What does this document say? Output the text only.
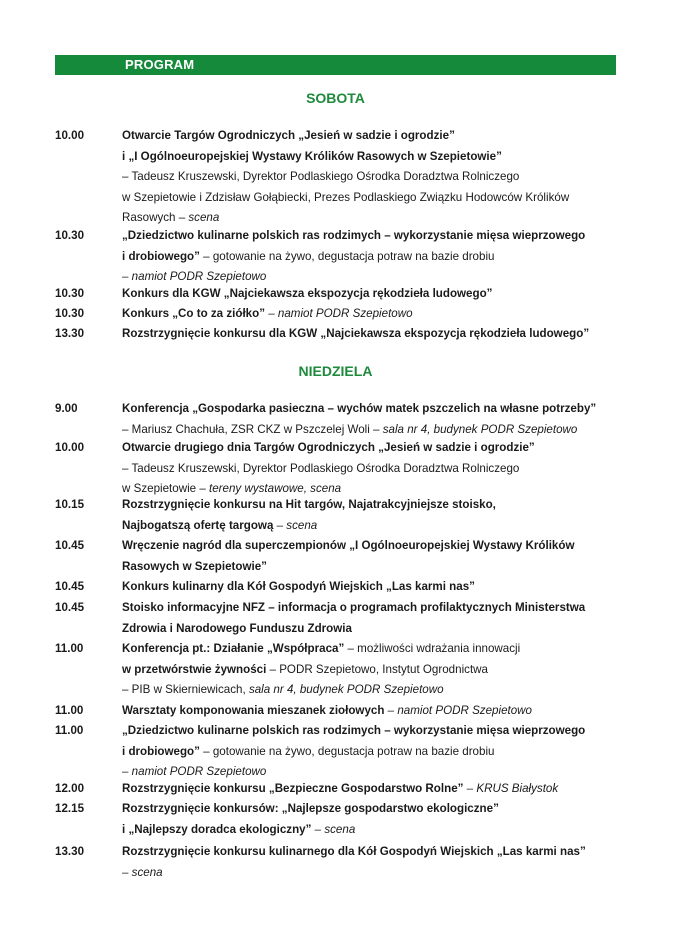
PROGRAM
SOBOTA
10.00	Otwarcie Targów Ogrodniczych „Jesień w sadzie i ogrodzie”
i „I Ogólnoeuropejskiej Wystawy Królików Rasowych w Szepietowie”
– Tadeusz Kruszewski, Dyrektor Podlaskiego Ośrodka Doradztwa Rolniczego
w Szepietowie i Zdzisław Gołąbiecki, Prezes Podlaskiego Związku Hodowców Królików
Rasowych – scena
10.30	„Dziedzictwo kulinarne polskich ras rodzimych – wykorzystanie mięsa wieprzowego
i drobiowego” – gotowanie na żywo, degustacja potraw na bazie drobiu
– namiot PODR Szepietowo
10.30	Konkurs dla KGW „Najciekawsza ekspozycja rękodzieła ludowego”
10.30	Konkurs „Co to za ziółko” – namiot PODR Szepietowo
13.30	Rozstrzygnięcie konkursu dla KGW „Najciekawsza ekspozycja rękodzieła ludowego”
NIEDZIELA
9.00	Konferencja „Gospodarka pasieczna – wychów matek pszczelich na własne potrzeby”
– Mariusz Chachuła, ZSR CKZ w Pszczelej Woli – sala nr 4, budynek PODR Szepietowo
10.00	Otwarcie drugiego dnia Targów Ogrodniczych „Jesień w sadzie i ogrodzie”
– Tadeusz Kruszewski, Dyrektor Podlaskiego Ośrodka Doradztwa Rolniczego
w Szepietowie – tereny wystawowe, scena
10.15	Rozstrzygnięcie konkursu na Hit targów, Najatrakcyjniejsze stoisko,
Najbogatszą ofertę targową – scena
10.45	Wręczenie nagród dla superczempionów „I Ogólnoeuropejskiej Wystawy Królików
Rasowych w Szepietowie”
10.45	Konkurs kulinarny dla Kół Gospodyń Wiejskich „Las karmi nas”
10.45	Stoisko informacyjne NFZ – informacja o programach profilaktycznych Ministerstwa
Zdrowia i Narodowego Funduszu Zdrowia
11.00	Konferencja pt.: Działanie „Współpraca” – możliwości wdrażania innowacji
w przetwórstwie żywności – PODR Szepietowo, Instytut Ogrodnictwa
– PIB w Skierniewicach, sala nr 4, budynek PODR Szepietowo
11.00	Warsztaty komponowania mieszanek ziołowych – namiot PODR Szepietowo
11.00	„Dziedzictwo kulinarne polskich ras rodzimych – wykorzystanie mięsa wieprzowego
i drobiowego” – gotowanie na żywo, degustacja potraw na bazie drobiu
– namiot PODR Szepietowo
12.00	Rozstrzygnięcie konkursu „Bezpieczne Gospodarstwo Rolne” – KRUS Białystok
12.15	Rozstrzygnięcie konkursów: „Najlepsze gospodarstwo ekologiczne”
i „Najlepszy doradca ekologiczny” – scena
13.30	Rozstrzygnięcie konkursu kulinarnego dla Kół Gospodyń Wiejskich „Las karmi nas”
– scena
